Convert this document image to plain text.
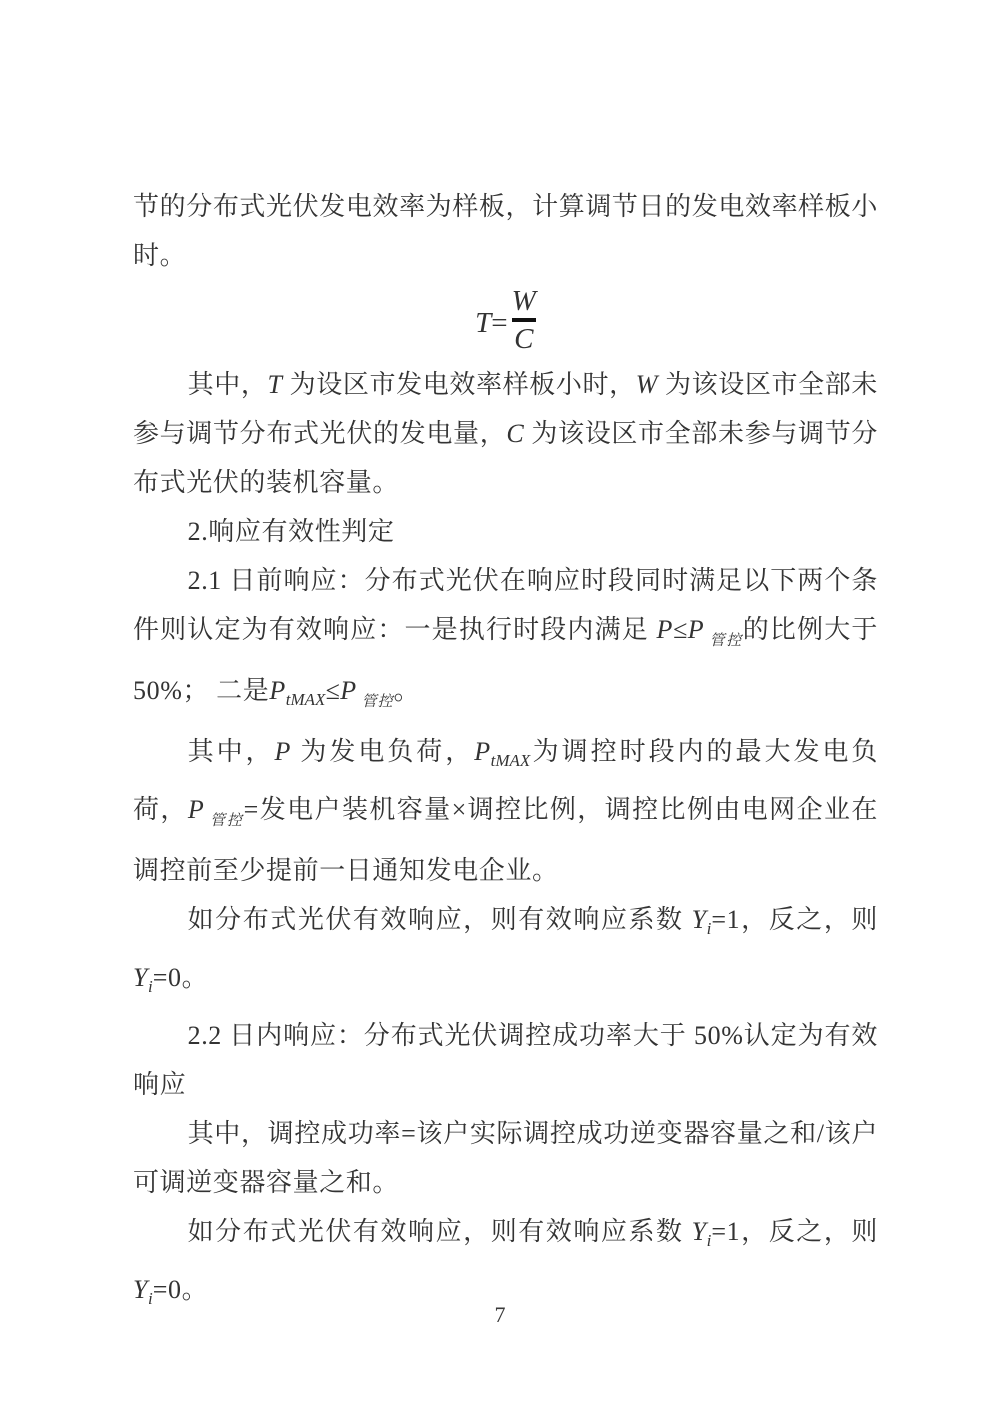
节的分布式光伏发电效率为样板，计算调节日的发电效率样板小时。

$T = \frac{W}{C}$

其中，T 为设区市发电效率样板小时，W 为该设区市全部未参与调节分布式光伏的发电量，C 为该设区市全部未参与调节分布式光伏的装机容量。

2.响应有效性判定

2.1 日前响应：分布式光伏在响应时段同时满足以下两个条件则认定为有效响应：一是执行时段内满足 P≤P $_{管控}$的比例大于50%； 二是$P_{tMAX}\le P$ $_{管控}$。

其中，P 为发电负荷，$P_{tMAX}$为调控时段内的最大发电负荷，P $_{管控}$=发电户装机容量×调控比例，调控比例由电网企业在调控前至少提前一日通知发电企业。

如分布式光伏有效响应，则有效响应系数 $Y_i=1$，反之，则$Y_i=0$。

2.2 日内响应：分布式光伏调控成功率大于 50%认定为有效响应

其中，调控成功率=该户实际调控成功逆变器容量之和/该户可调逆变器容量之和。

如分布式光伏有效响应，则有效响应系数 $Y_i=1$，反之，则$Y_i=0$。

7
